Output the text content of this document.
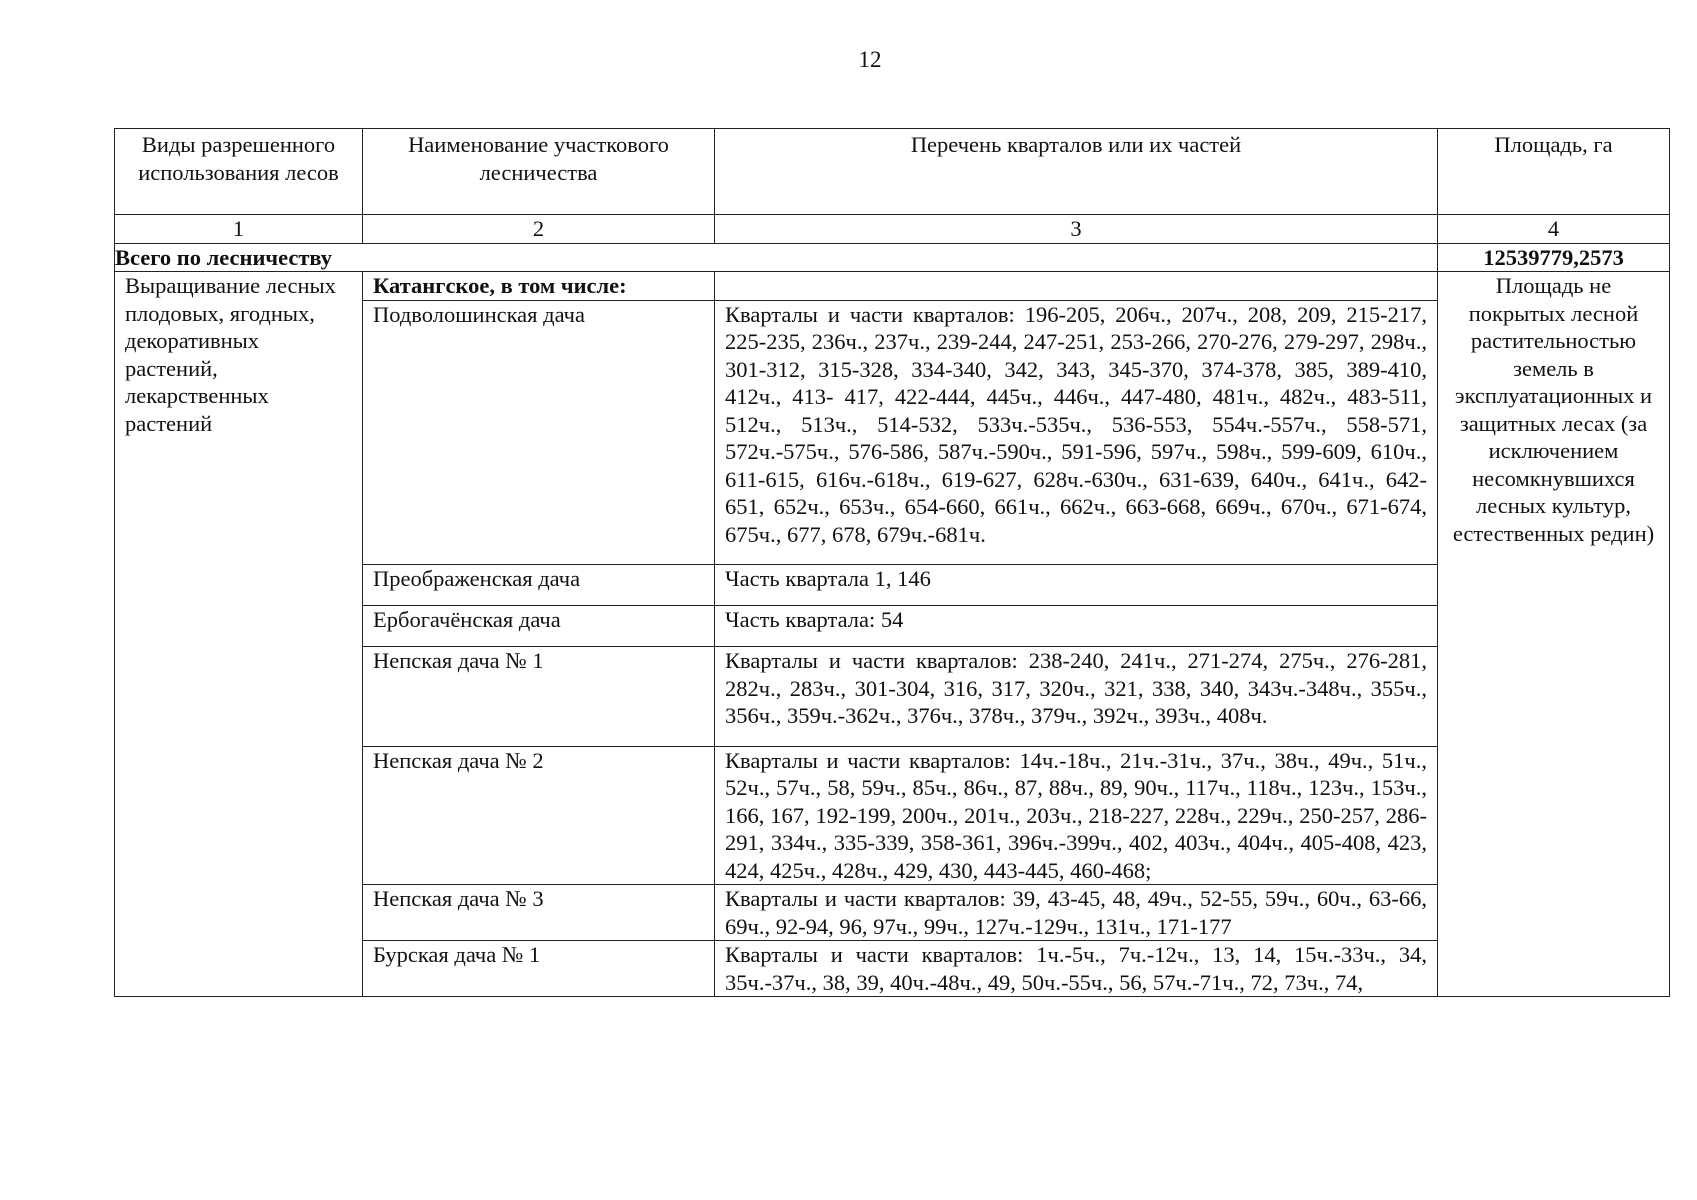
12
Виды разрешенного использования лесов	Наименование участкового лесничества	Перечень кварталов или их частей	Площадь, га
1	2	3	4
Всего по лесничеству			12539779,2573
Выращивание лесных плодовых, ягодных, декоративных растений, лекарственных растений	Катангское, в том числе:		Площадь не покрытых лесной растительностью земель в эксплуатационных и защитных лесах (за исключением несомкнувшихся лесных культур, естественных редин)
	Подволошинская дача	Кварталы и части кварталов: 196-205, 206ч., 207ч., 208, 209, 215-217, 225-235, 236ч., 237ч., 239-244, 247-251, 253-266, 270-276, 279-297, 298ч., 301-312, 315-328, 334-340, 342, 343, 345-370, 374-378, 385, 389-410, 412ч., 413- 417, 422-444, 445ч., 446ч., 447-480, 481ч., 482ч., 483-511, 512ч., 513ч., 514-532, 533ч.-535ч., 536-553, 554ч.-557ч., 558-571, 572ч.-575ч., 576-586, 587ч.-590ч., 591-596, 597ч., 598ч., 599-609, 610ч., 611-615, 616ч.-618ч., 619-627, 628ч.-630ч., 631-639, 640ч., 641ч., 642-651, 652ч., 653ч., 654-660, 661ч., 662ч., 663-668, 669ч., 670ч., 671-674, 675ч., 677, 678, 679ч.-681ч.	
	Преображенская дача	Часть квартала 1, 146	
	Ербогачёнская дача	Часть квартала: 54	
	Непская дача № 1	Кварталы и части кварталов: 238-240, 241ч., 271-274, 275ч., 276-281, 282ч., 283ч., 301-304, 316, 317, 320ч., 321, 338, 340, 343ч.-348ч., 355ч., 356ч., 359ч.-362ч., 376ч., 378ч., 379ч., 392ч., 393ч., 408ч.	
	Непская дача № 2	Кварталы и части кварталов: 14ч.-18ч., 21ч.-31ч., 37ч., 38ч., 49ч., 51ч., 52ч., 57ч., 58, 59ч., 85ч., 86ч., 87, 88ч., 89, 90ч., 117ч., 118ч., 123ч., 153ч., 166, 167, 192-199, 200ч., 201ч., 203ч., 218-227, 228ч., 229ч., 250-257, 286-291, 334ч., 335-339, 358-361, 396ч.-399ч., 402, 403ч., 404ч., 405-408, 423, 424, 425ч., 428ч., 429, 430, 443-445, 460-468;	
	Непская дача № 3	Кварталы и части кварталов: 39, 43-45, 48, 49ч., 52-55, 59ч., 60ч., 63-66, 69ч., 92-94, 96, 97ч., 99ч., 127ч.-129ч., 131ч., 171-177	
	Бурская дача № 1	Кварталы и части кварталов: 1ч.-5ч., 7ч.-12ч., 13, 14, 15ч.-33ч., 34, 35ч.-37ч., 38, 39, 40ч.-48ч., 49, 50ч.-55ч., 56, 57ч.-71ч., 72, 73ч., 74,	
